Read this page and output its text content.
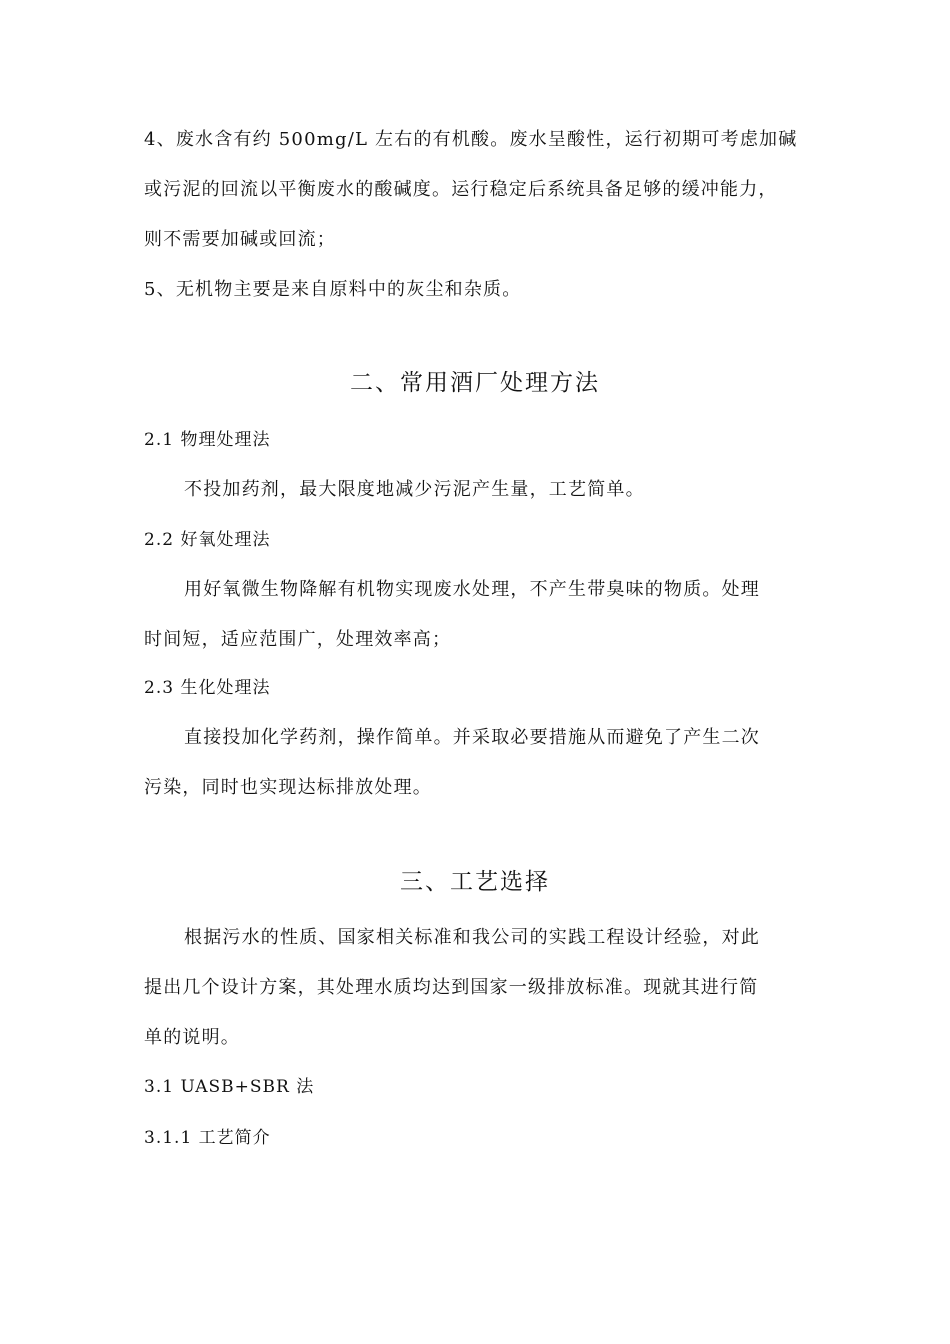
4、废水含有约 500mg/L 左右的有机酸。废水呈酸性，运行初期可考虑加碱
或污泥的回流以平衡废水的酸碱度。运行稳定后系统具备足够的缓冲能力，
则不需要加碱或回流；
5、无机物主要是来自原料中的灰尘和杂质。
二、常用酒厂处理方法
2.1 物理处理法
不投加药剂，最大限度地减少污泥产生量，工艺简单。
2.2 好氧处理法
用好氧微生物降解有机物实现废水处理，不产生带臭味的物质。处理
时间短，适应范围广，处理效率高；
2.3 生化处理法
直接投加化学药剂，操作简单。并采取必要措施从而避免了产生二次
污染，同时也实现达标排放处理。
三、工艺选择
根据污水的性质、国家相关标准和我公司的实践工程设计经验，对此
提出几个设计方案，其处理水质均达到国家一级排放标准。现就其进行简
单的说明。
3.1 UASB+SBR 法
3.1.1 工艺简介
